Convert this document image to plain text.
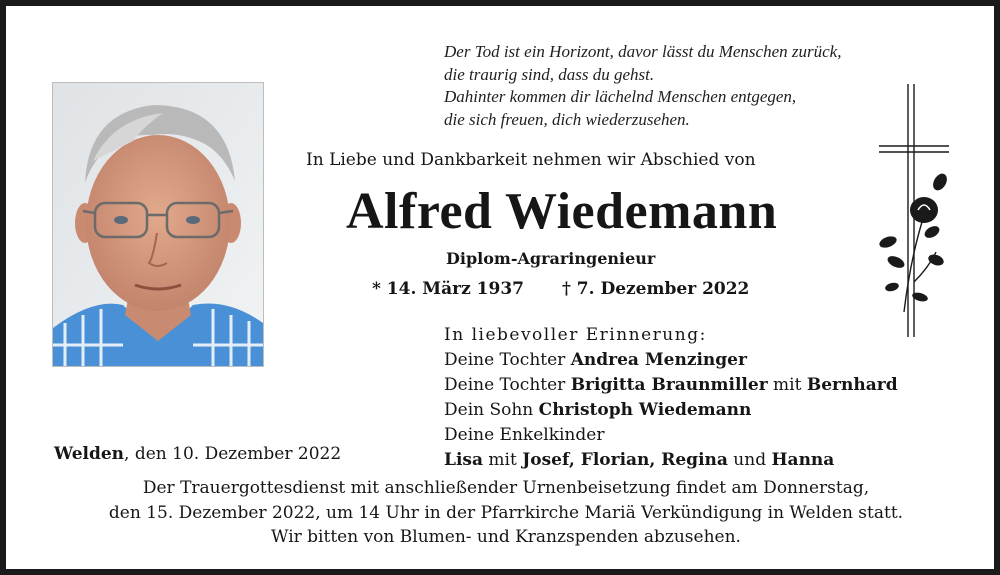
Der Tod ist ein Horizont, davor lässt du Menschen zurück,
die traurig sind, dass du gehst.
Dahinter kommen dir lächelnd Menschen entgegen,
die sich freuen, dich wiederzusehen.
In Liebe und Dankbarkeit nehmen wir Abschied von
Alfred Wiedemann
Diplom-Agraringenieur
* 14. März 1937 † 7. Dezember 2022
In liebevoller Erinnerung:
Deine Tochter Andrea Menzinger
Deine Tochter Brigitta Braunmiller mit Bernhard
Dein Sohn Christoph Wiedemann
Deine Enkelkinder
Lisa mit Josef, Florian, Regina und Hanna
Welden, den 10. Dezember 2022
Der Trauergottesdienst mit anschließender Urnenbeisetzung findet am Donnerstag,
den 15. Dezember 2022, um 14 Uhr in der Pfarrkirche Mariä Verkündigung in Welden statt.
Wir bitten von Blumen- und Kranzspenden abzusehen.
